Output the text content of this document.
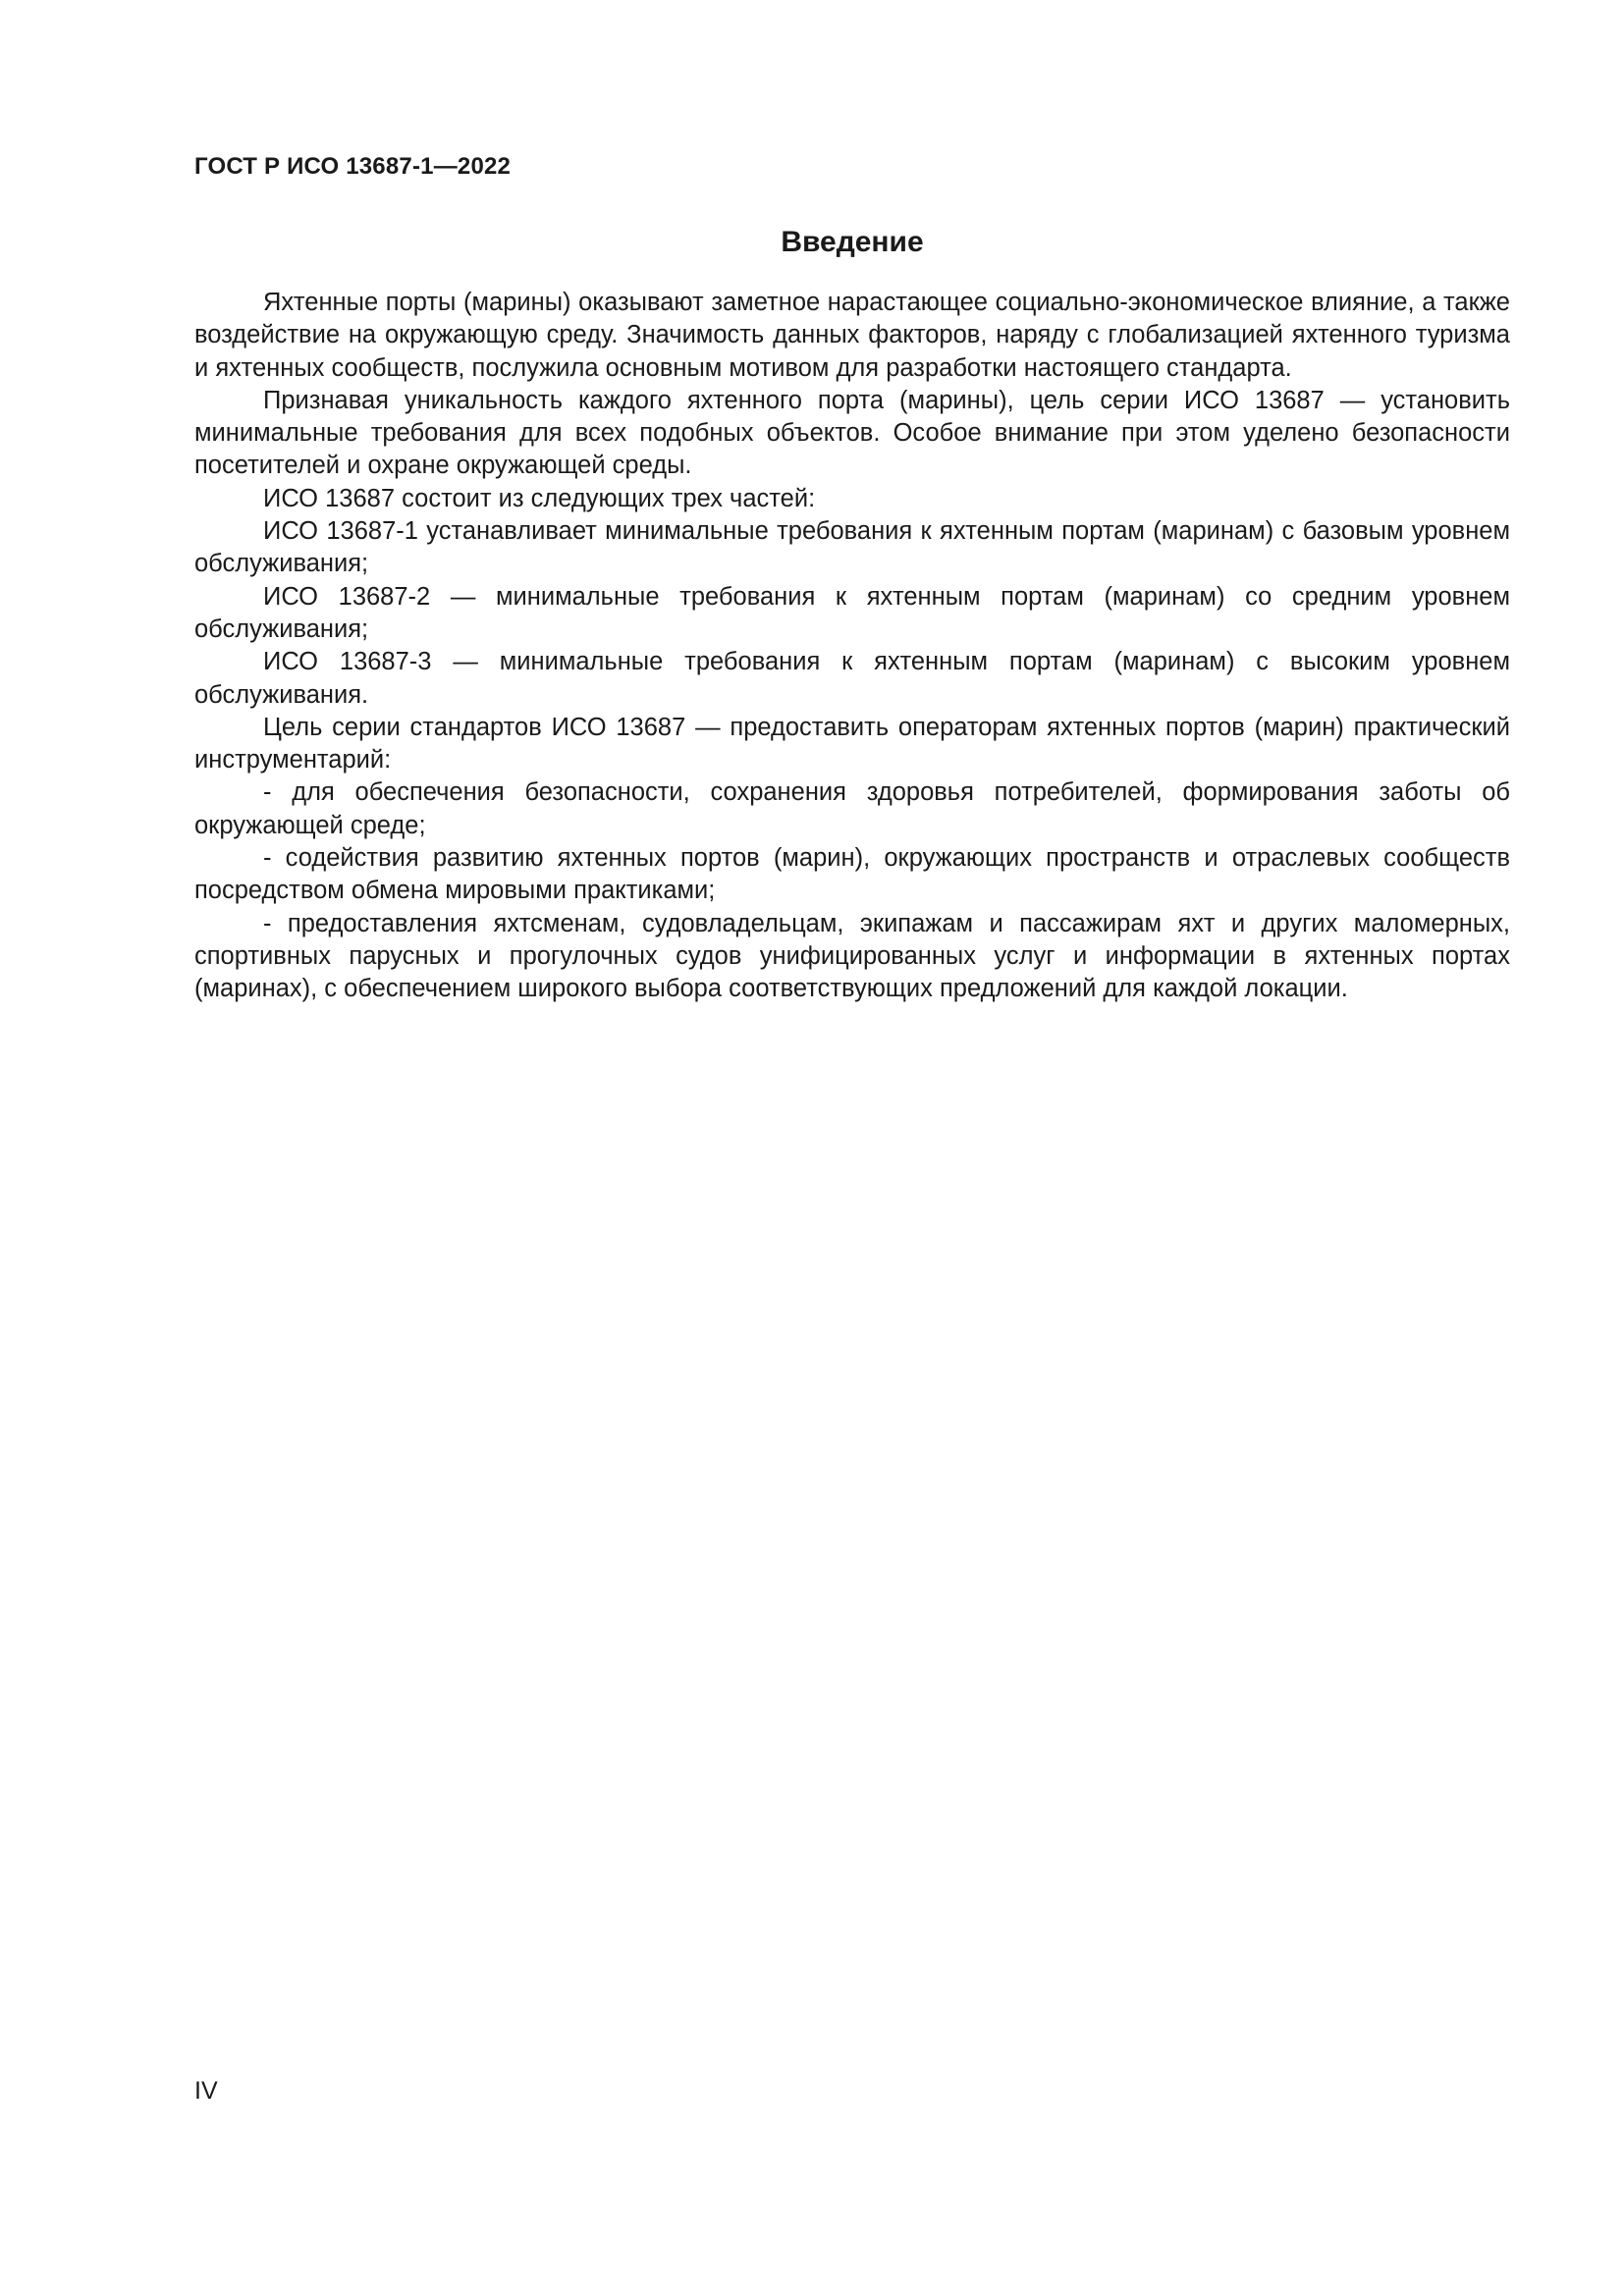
ГОСТ Р ИСО 13687-1—2022
Введение

Яхтенные порты (марины) оказывают заметное нарастающее социально-экономическое влияние, а также воздействие на окружающую среду. Значимость данных факторов, наряду с глобализацией яхтенного туризма и яхтенных сообществ, послужила основным мотивом для разработки настоящего стандарта.

Признавая уникальность каждого яхтенного порта (марины), цель серии ИСО 13687 — установить минимальные требования для всех подобных объектов. Особое внимание при этом уделено безопасности посетителей и охране окружающей среды.

ИСО 13687 состоит из следующих трех частей:

ИСО 13687-1 устанавливает минимальные требования к яхтенным портам (маринам) с базовым уровнем обслуживания;

ИСО 13687-2 — минимальные требования к яхтенным портам (маринам) со средним уровнем обслуживания;

ИСО 13687-3 — минимальные требования к яхтенным портам (маринам) с высоким уровнем обслуживания.

Цель серии стандартов ИСО 13687 — предоставить операторам яхтенных портов (марин) практический инструментарий:

- для обеспечения безопасности, сохранения здоровья потребителей, формирования заботы об окружающей среде;

- содействия развитию яхтенных портов (марин), окружающих пространств и отраслевых сообществ посредством обмена мировыми практиками;

- предоставления яхтсменам, судовладельцам, экипажам и пассажирам яхт и других маломерных, спортивных парусных и прогулочных судов унифицированных услуг и информации в яхтенных портах (маринах), с обеспечением широкого выбора соответствующих предложений для каждой локации.

IV
